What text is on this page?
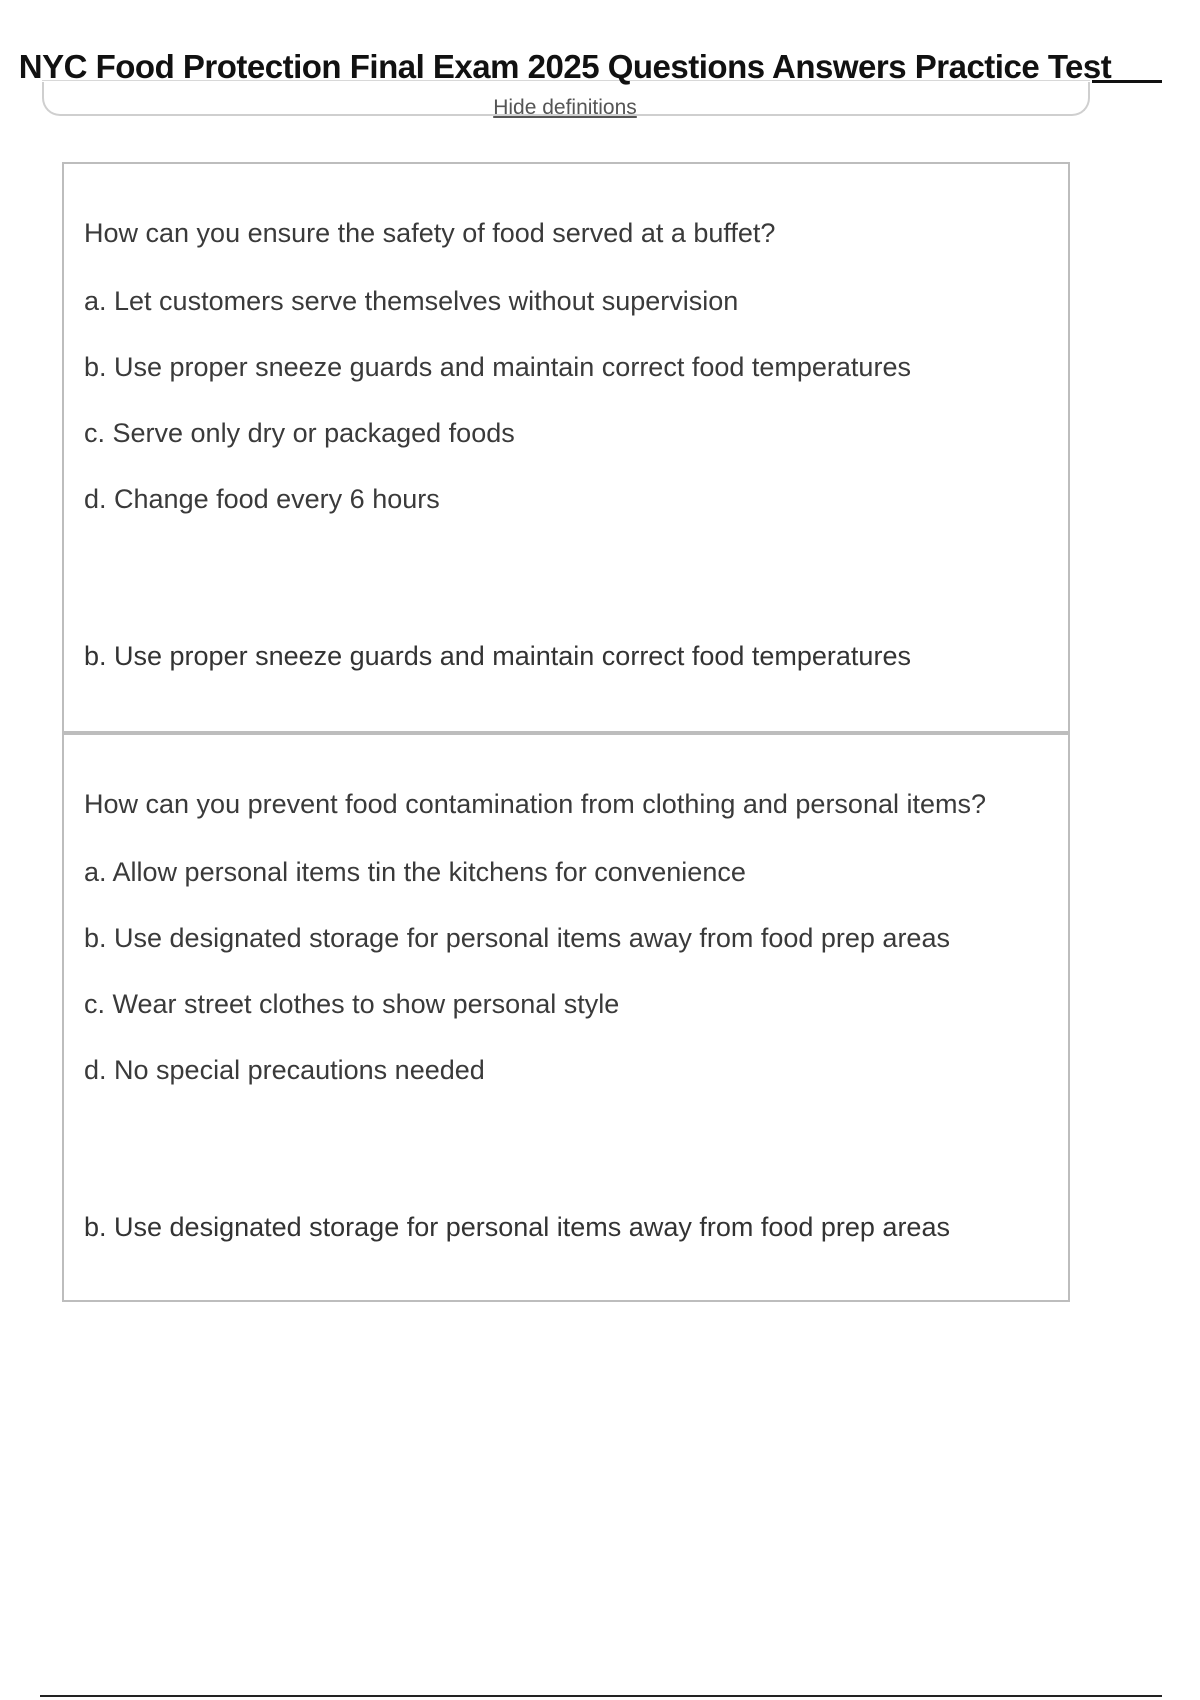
NYC Food Protection Final Exam 2025 Questions Answers Practice Test
Hide definitions

How can you ensure the safety of food served at a buffet?

a. Let customers serve themselves without supervision
b. Use proper sneeze guards and maintain correct food temperatures
c. Serve only dry or packaged foods
d. Change food every 6 hours

b. Use proper sneeze guards and maintain correct food temperatures

How can you prevent food contamination from clothing and personal items?

a. Allow personal items tin the kitchens for convenience
b. Use designated storage for personal items away from food prep areas
c. Wear street clothes to show personal style
d. No special precautions needed

b. Use designated storage for personal items away from food prep areas
